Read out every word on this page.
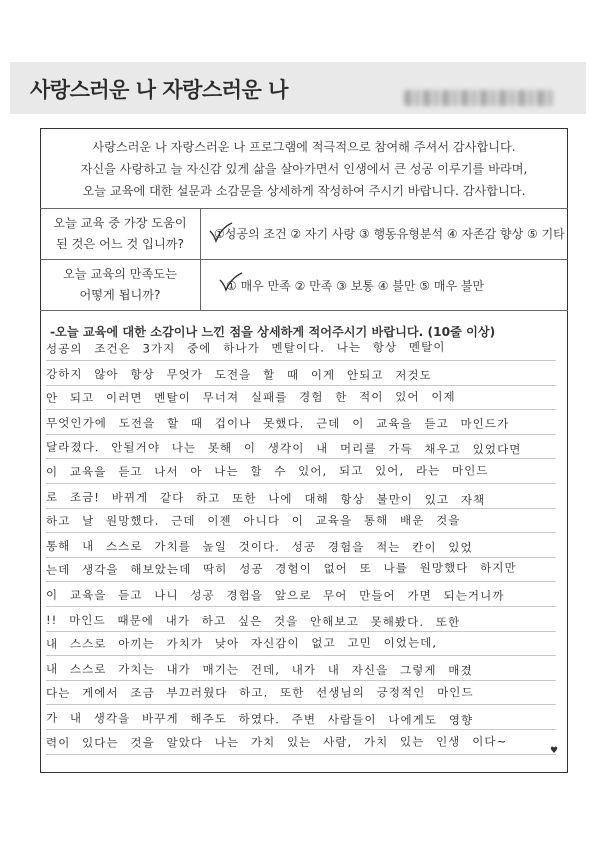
사랑스러운 나 자랑스러운 나
사랑스러운 나 자랑스러운 나 프로그램에 적극적으로 참여해 주셔서 감사합니다.
자신을 사랑하고 늘 자신감 있게 삶을 살아가면서 인생에서 큰 성공 이루기를 바라며,
오늘 교육에 대한 설문과 소감문을 상세하게 작성하여 주시기 바랍니다. 감사합니다.
오늘 교육 중 가장 도움이
된 것은 어느 것 입니까?
①성공의 조건 ② 자기 사랑 ③ 행동유형분석 ④ 자존감 향상 ⑤ 기타
오늘 교육의 만족도는
어떻게 됩니까?
① 매우 만족 ② 만족 ③ 보통 ④ 불만 ⑤ 매우 불만
-오늘 교육에 대한 소감이나 느낀 점을 상세하게 적어주시기 바랍니다. (10줄 이상)
성공의 조건은 3가지 중에 하나가 멘탈이다. 나는 항상 멘탈이
강하지 않아 항상 무엇가 도전을 할 때 이게 안되고 저것도
안 되고 이러면 멘탈이 무너져 실패를 경험 한 적이 있어 이제
무엇인가에 도전을 할 때 겁이나 못했다. 근데 이 교육을 듣고 마인드가
달라졌다. 안될거야 나는 못해 이 생각이 내 머리를 가득 채우고 있었다면
이 교육을 듣고 나서 아 나는 할 수 있어, 되고 있어, 라는 마인드
로 조금! 바뀌게 같다 하고 또한 나에 대해 항상 불만이 있고 자책
하고 날 원망했다. 근데 이젠 아니다 이 교육을 통해 배운 것을
통해 내 스스로 가치를 높일 것이다. 성공 경험을 적는 칸이 있었
는데 생각을 해보았는데 딱히 성공 경험이 없어 또 나를 원망했다 하지만
이 교육을 듣고 나니 성공 경험을 앞으로 무어 만들어 가면 되는거니까
!! 마인드 때문에 내가 하고 싶은 것을 안해보고 못해봤다. 또한
내 스스로 아끼는 가치가 낮아 자신감이 없고 고민 이었는데,
내 스스로 가치는 내가 매기는 건데, 내가 내 자신을 그렇게 매겼
다는 게에서 조금 부끄러웠다 하고. 또한 선생님의 긍정적인 마인드
가 내 생각을 바꾸게 해주도 하였다. 주변 사람들이 나에게도 영향
력이 있다는 것을 알았다 나는 가치 있는 사람, 가치 있는 인생 이다~
♥
